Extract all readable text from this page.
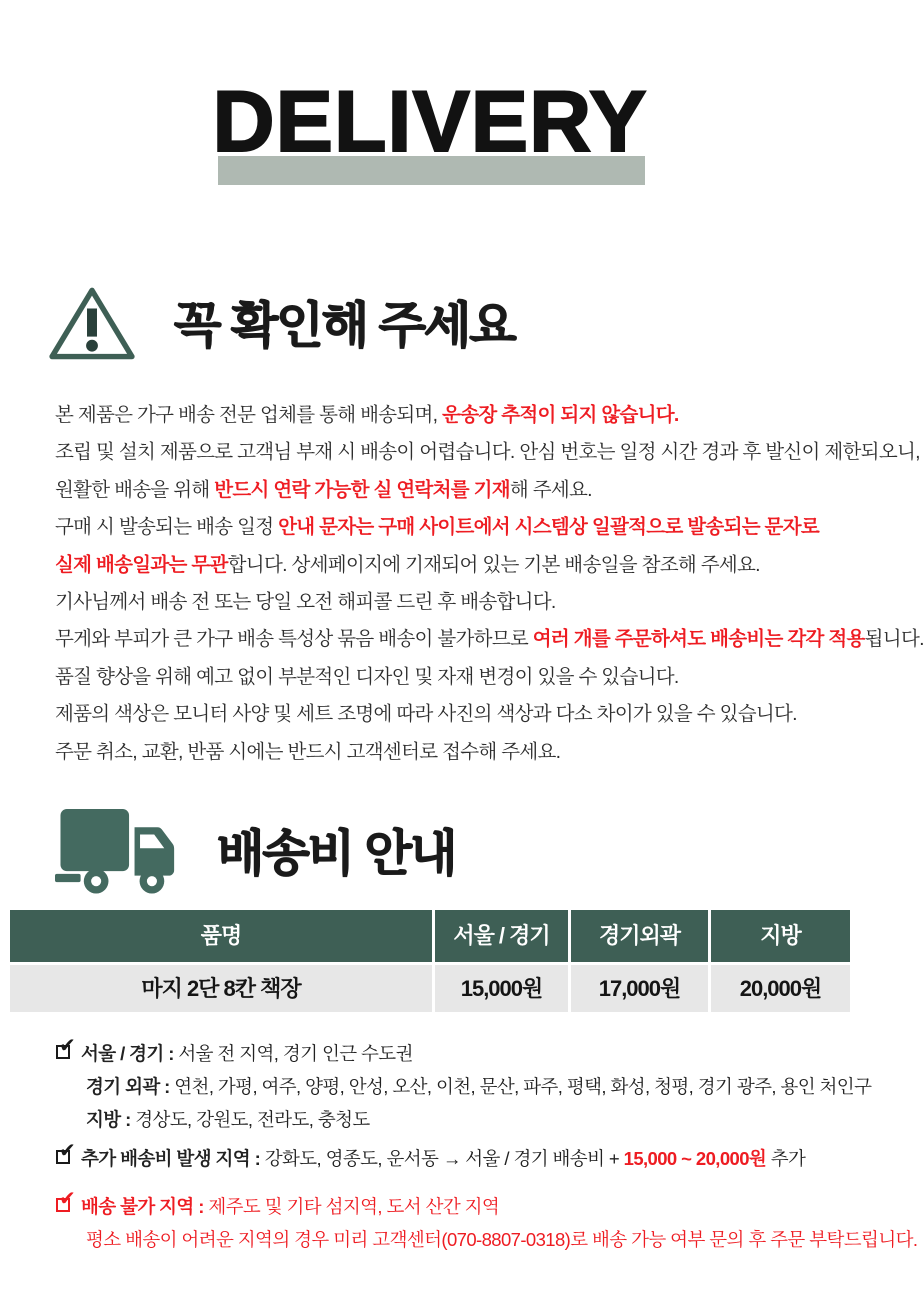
DELIVERY
꼭 확인해 주세요

본 제품은 가구 배송 전문 업체를 통해 배송되며, 운송장 추적이 되지 않습니다.

조립 및 설치 제품으로 고객님 부재 시 배송이 어렵습니다. 안심 번호는 일정 시간 경과 후 발신이 제한되오니,

원활한 배송을 위해 반드시 연락 가능한 실 연락처를 기재해 주세요.

구매 시 발송되는 배송 일정 안내 문자는 구매 사이트에서 시스템상 일괄적으로 발송되는 문자로

실제 배송일과는 무관합니다. 상세페이지에 기재되어 있는 기본 배송일을 참조해 주세요.

기사님께서 배송 전 또는 당일 오전 해피콜 드린 후 배송합니다.

무게와 부피가 큰 가구 배송 특성상 묶음 배송이 불가하므로 여러 개를 주문하셔도 배송비는 각각 적용됩니다.

품질 향상을 위해 예고 없이 부분적인 디자인 및 자재 변경이 있을 수 있습니다.

제품의 색상은 모니터 사양 및 세트 조명에 따라 사진의 색상과 다소 차이가 있을 수 있습니다.

주문 취소, 교환, 반품 시에는 반드시 고객센터로 접수해 주세요.

배송비 안내
품명	서울 / 경기	경기외곽	지방
마지 2단 8칸 책장	15,000원	17,000원	20,000원
✔
서울 / 경기 : 서울 전 지역, 경기 인근 수도권
경기 외곽 : 연천, 가평, 여주, 양평, 안성, 오산, 이천, 문산, 파주, 평택, 화성, 청평, 경기 광주, 용인 처인구
지방 : 경상도, 강원도, 전라도, 충청도
✔
추가 배송비 발생 지역 : 강화도, 영종도, 운서동 → 서울 / 경기 배송비 + 15,000 ~ 20,000원 추가
✔
배송 불가 지역 : 제주도 및 기타 섬지역, 도서 산간 지역
평소 배송이 어려운 지역의 경우 미리 고객센터(070-8807-0318)로 배송 가능 여부 문의 후 주문 부탁드립니다.
